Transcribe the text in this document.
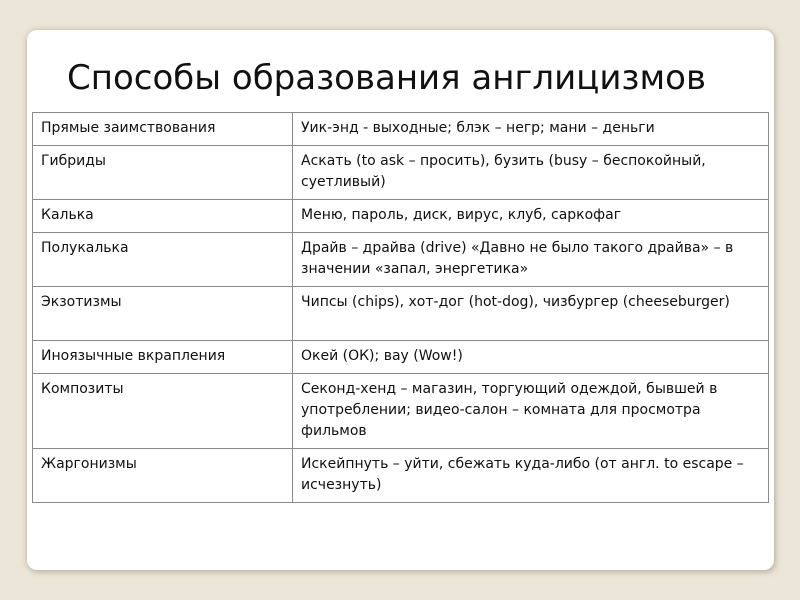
Способы образования англицизмов
Прямые заимствования	Уик-энд - выходные; блэк – негр; мани – деньги
Гибриды	Аскать (to ask – просить), бузить (busy – беспокойный, суетливый)
Калька	Меню, пароль, диск, вирус, клуб, саркофаг
Полукалька	Драйв – драйва (drive) «Давно не было такого драйва» – в значении «запал, энергетика»
Экзотизмы	Чипсы (chips), хот-дог (hot-dog), чизбургер (cheeseburger)
Иноязычные вкрапления	Окей (ОК); вау (Wow!)
Композиты	Секонд-хенд – магазин, торгующий одеждой, бывшей в употреблении; видео-салон – комната для просмотра фильмов
Жаргонизмы	Искейпнуть – уйти, сбежать куда-либо (от англ. to escape – исчезнуть)
